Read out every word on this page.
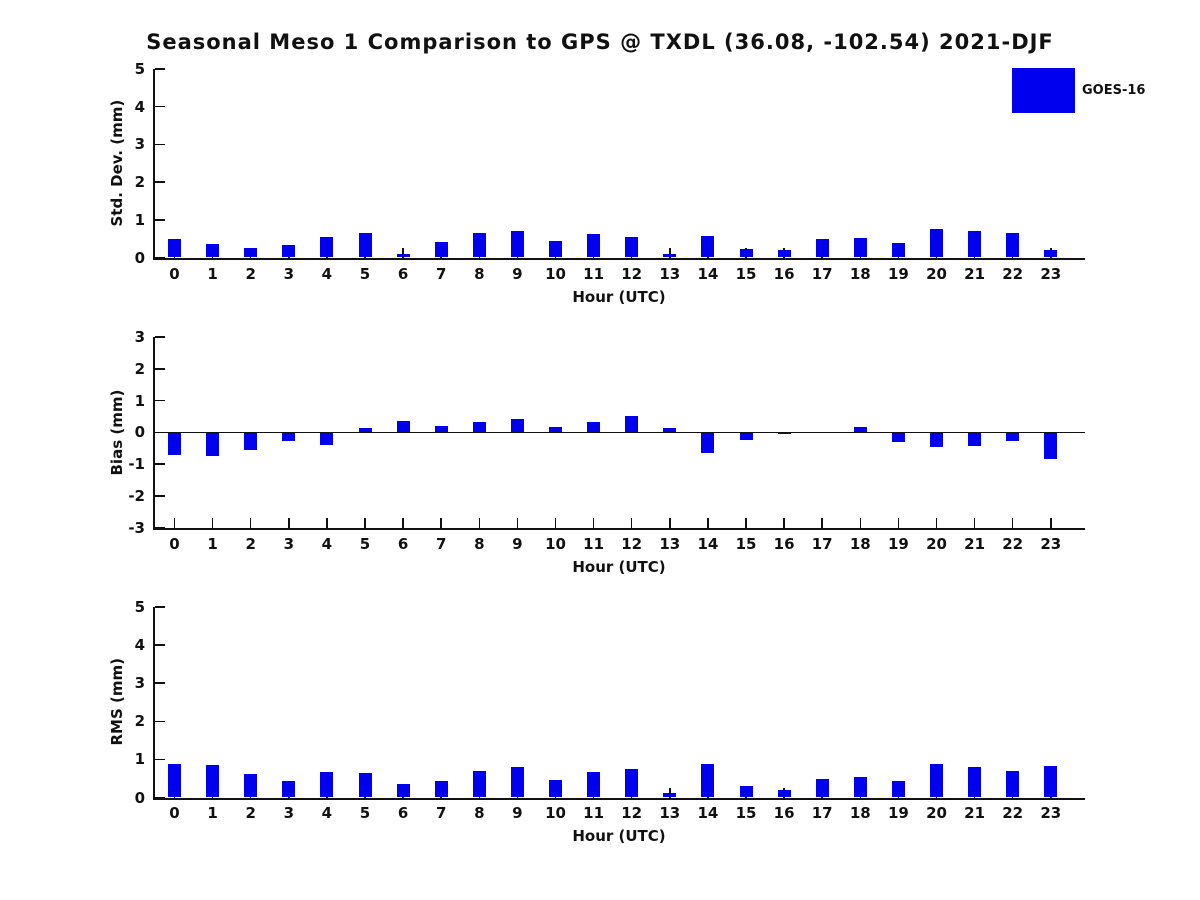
Seasonal Meso 1 Comparison to GPS @ TXDL (36.08, -102.54) 2021-DJF
GOES-16
0
1
2
3
4
5
0	1	2	3	4	5	6	7	8	9	10	11	12	13	14	15	16	17	18	19	20	21	22	23
Hour (UTC)
Std. Dev. (mm)
3
2
1
0
-1
-2
-3
0	1	2	3	4	5	6	7	8	9	10	11	12	13	14	15	16	17	18	19	20	21	22	23
Hour (UTC)
Bias (mm)
0
1
2
3
4
5
0	1	2	3	4	5	6	7	8	9	10	11	12	13	14	15	16	17	18	19	20	21	22	23
Hour (UTC)
RMS (mm)
